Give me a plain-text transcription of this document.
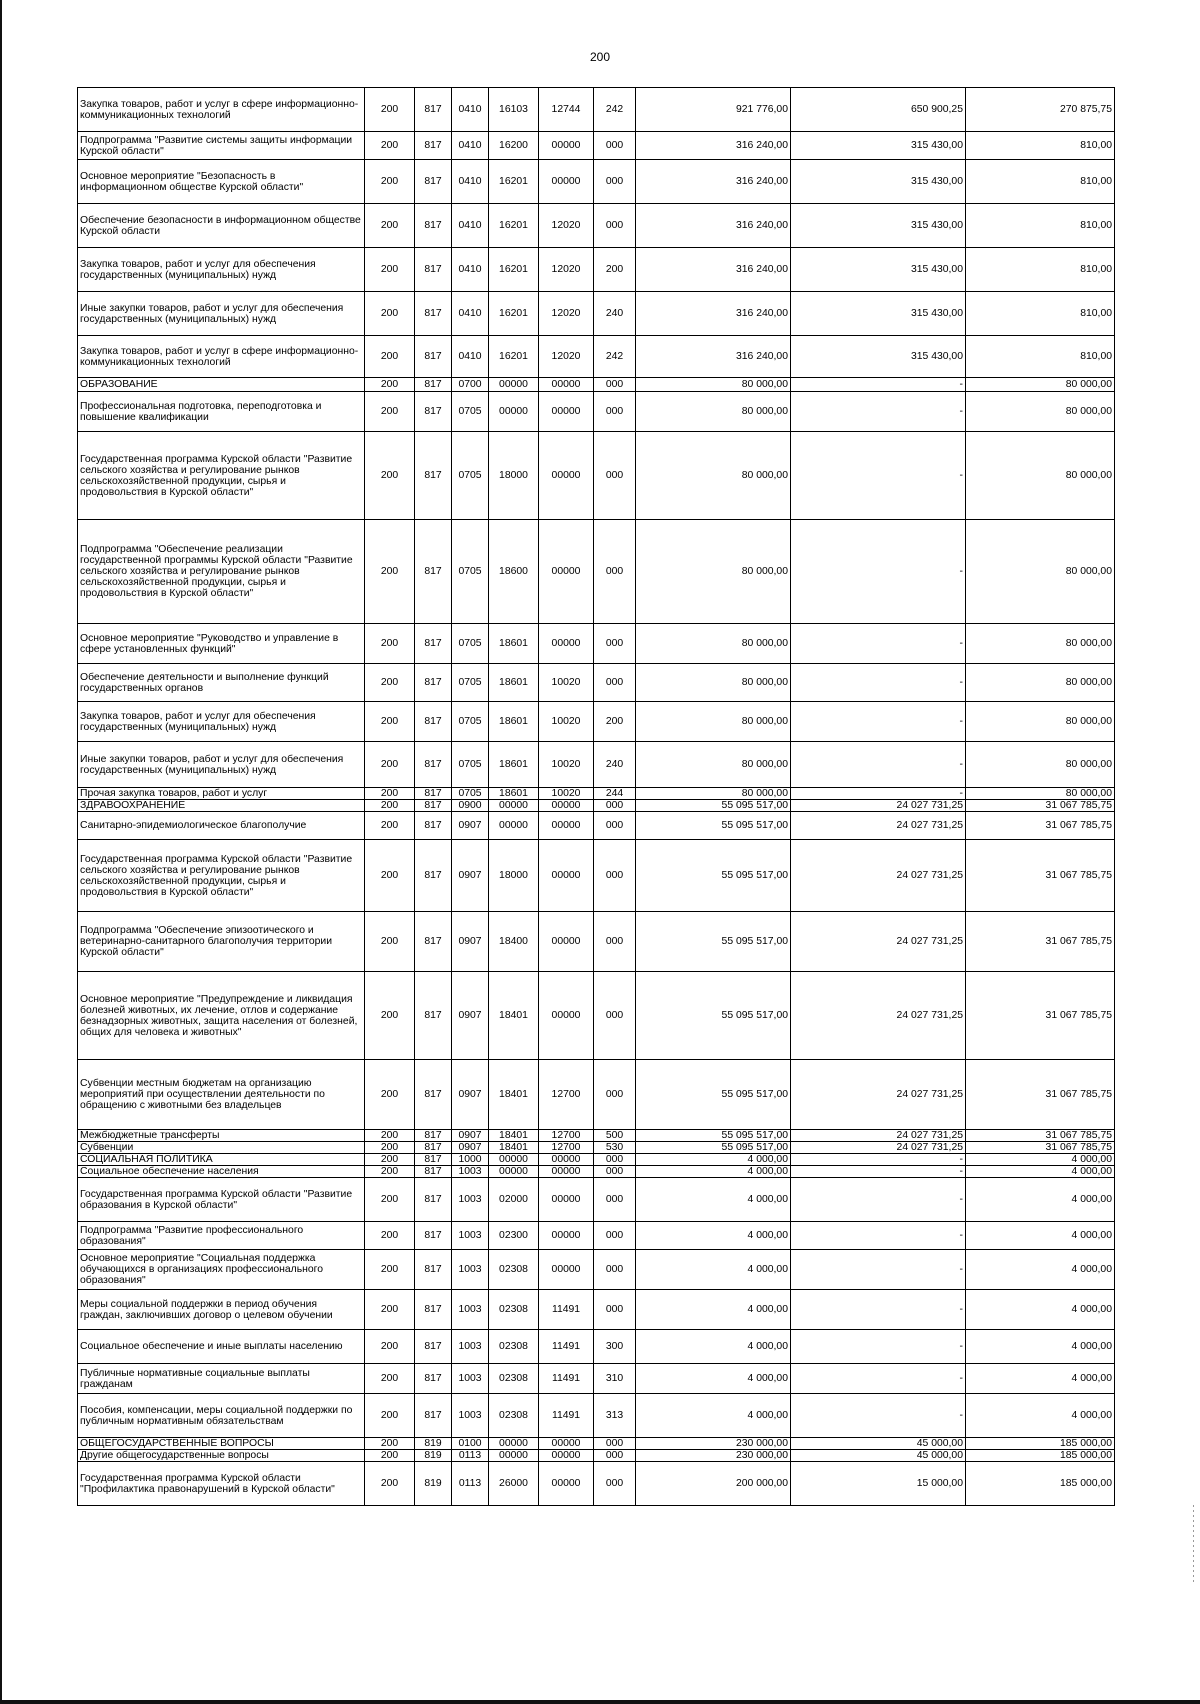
200
Закупка товаров, работ и услуг в сфере информационно-коммуникационных технологий	200	817	0410	16103	12744	242	921 776,00	650 900,25	270 875,75
Подпрограмма "Развитие системы защиты информации Курской области"	200	817	0410	16200	00000	000	316 240,00	315 430,00	810,00
Основное мероприятие "Безопасность в информационном обществе Курской области"	200	817	0410	16201	00000	000	316 240,00	315 430,00	810,00
Обеспечение безопасности в информационном обществе Курской области	200	817	0410	16201	12020	000	316 240,00	315 430,00	810,00
Закупка товаров, работ и услуг для обеспечения государственных (муниципальных) нужд	200	817	0410	16201	12020	200	316 240,00	315 430,00	810,00
Иные закупки товаров, работ и услуг для обеспечения государственных (муниципальных) нужд	200	817	0410	16201	12020	240	316 240,00	315 430,00	810,00
Закупка товаров, работ и услуг в сфере информационно-коммуникационных технологий	200	817	0410	16201	12020	242	316 240,00	315 430,00	810,00
ОБРАЗОВАНИЕ	200	817	0700	00000	00000	000	80 000,00	-	80 000,00
Профессиональная подготовка, переподготовка и повышение квалификации	200	817	0705	00000	00000	000	80 000,00	-	80 000,00
Государственная программа Курской области "Развитие сельского хозяйства и регулирование рынков сельскохозяйственной продукции, сырья и продовольствия в Курской области"	200	817	0705	18000	00000	000	80 000,00	-	80 000,00
Подпрограмма "Обеспечение реализации государственной программы Курской области "Развитие сельского хозяйства и регулирование рынков сельскохозяйственной продукции, сырья и продовольствия в Курской области"	200	817	0705	18600	00000	000	80 000,00	-	80 000,00
Основное мероприятие "Руководство и управление в сфере установленных функций"	200	817	0705	18601	00000	000	80 000,00	-	80 000,00
Обеспечение деятельности и выполнение функций государственных органов	200	817	0705	18601	10020	000	80 000,00	-	80 000,00
Закупка товаров, работ и услуг для обеспечения государственных (муниципальных) нужд	200	817	0705	18601	10020	200	80 000,00	-	80 000,00
Иные закупки товаров, работ и услуг для обеспечения государственных (муниципальных) нужд	200	817	0705	18601	10020	240	80 000,00	-	80 000,00
Прочая закупка товаров, работ и услуг	200	817	0705	18601	10020	244	80 000,00	-	80 000,00
ЗДРАВООХРАНЕНИЕ	200	817	0900	00000	00000	000	55 095 517,00	24 027 731,25	31 067 785,75
Санитарно-эпидемиологическое благополучие	200	817	0907	00000	00000	000	55 095 517,00	24 027 731,25	31 067 785,75
Государственная программа Курской области "Развитие сельского хозяйства и регулирование рынков сельскохозяйственной продукции, сырья и продовольствия в Курской области"	200	817	0907	18000	00000	000	55 095 517,00	24 027 731,25	31 067 785,75
Подпрограмма "Обеспечение эпизоотического и ветеринарно-санитарного благополучия территории Курской области"	200	817	0907	18400	00000	000	55 095 517,00	24 027 731,25	31 067 785,75
Основное мероприятие "Предупреждение и ликвидация болезней животных, их лечение, отлов и содержание безнадзорных животных, защита населения от болезней, общих для человека и животных"	200	817	0907	18401	00000	000	55 095 517,00	24 027 731,25	31 067 785,75
Субвенции местным бюджетам на организацию мероприятий при осуществлении деятельности по обращению с животными без владельцев	200	817	0907	18401	12700	000	55 095 517,00	24 027 731,25	31 067 785,75
Межбюджетные трансферты	200	817	0907	18401	12700	500	55 095 517,00	24 027 731,25	31 067 785,75
Субвенции	200	817	0907	18401	12700	530	55 095 517,00	24 027 731,25	31 067 785,75
СОЦИАЛЬНАЯ ПОЛИТИКА	200	817	1000	00000	00000	000	4 000,00	-	4 000,00
Социальное обеспечение населения	200	817	1003	00000	00000	000	4 000,00	-	4 000,00
Государственная программа Курской области "Развитие образования в Курской области"	200	817	1003	02000	00000	000	4 000,00	-	4 000,00
Подпрограмма "Развитие профессионального образования"	200	817	1003	02300	00000	000	4 000,00	-	4 000,00
Основное мероприятие "Социальная поддержка обучающихся в организациях профессионального образования"	200	817	1003	02308	00000	000	4 000,00	-	4 000,00
Меры социальной поддержки в период обучения граждан, заключивших договор о целевом обучении	200	817	1003	02308	11491	000	4 000,00	-	4 000,00
Социальное обеспечение и иные выплаты населению	200	817	1003	02308	11491	300	4 000,00	-	4 000,00
Публичные нормативные социальные выплаты гражданам	200	817	1003	02308	11491	310	4 000,00	-	4 000,00
Пособия, компенсации, меры социальной поддержки по публичным нормативным обязательствам	200	817	1003	02308	11491	313	4 000,00	-	4 000,00
ОБЩЕГОСУДАРСТВЕННЫЕ ВОПРОСЫ	200	819	0100	00000	00000	000	230 000,00	45 000,00	185 000,00
Другие общегосударственные вопросы	200	819	0113	00000	00000	000	230 000,00	45 000,00	185 000,00
Государственная программа Курской области "Профилактика правонарушений в Курской области"	200	819	0113	26000	00000	000	200 000,00	15 000,00	185 000,00
